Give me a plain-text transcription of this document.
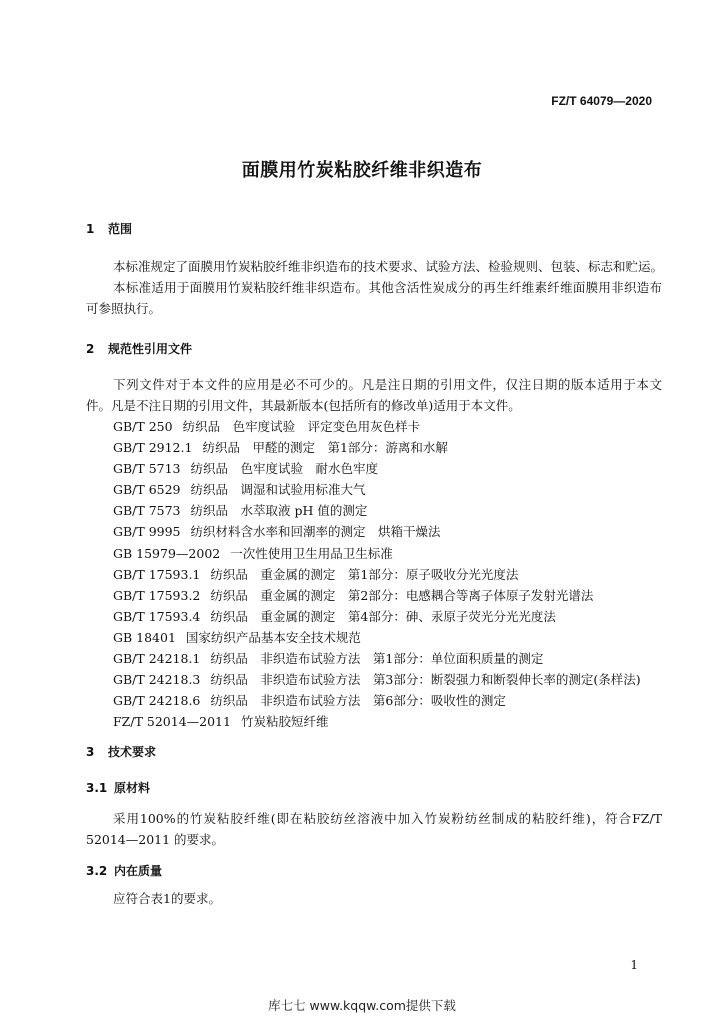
FZ/T 64079—2020
面膜用竹炭粘胶纤维非织造布
1 范围

本标准规定了面膜用竹炭粘胶纤维非织造布的技术要求、试验方法、检验规则、包装、标志和贮运。

本标准适用于面膜用竹炭粘胶纤维非织造布。其他含活性炭成分的再生纤维素纤维面膜用非织造布可参照执行。

2 规范性引用文件

下列文件对于本文件的应用是必不可少的。凡是注日期的引用文件，仅注日期的版本适用于本文件。凡是不注日期的引用文件，其最新版本(包括所有的修改单)适用于本文件。

GB/T 250 纺织品　色牢度试验　评定变色用灰色样卡
GB/T 2912.1 纺织品　甲醛的测定　第1部分：游离和水解
GB/T 5713 纺织品　色牢度试验　耐水色牢度
GB/T 6529 纺织品　调湿和试验用标准大气
GB/T 7573 纺织品　水萃取液 pH 值的测定
GB/T 9995 纺织材料含水率和回潮率的测定　烘箱干燥法
GB 15979—2002 一次性使用卫生用品卫生标准
GB/T 17593.1 纺织品　重金属的测定　第1部分：原子吸收分光光度法
GB/T 17593.2 纺织品　重金属的测定　第2部分：电感耦合等离子体原子发射光谱法
GB/T 17593.4 纺织品　重金属的测定　第4部分：砷、汞原子荧光分光光度法
GB 18401 国家纺织产品基本安全技术规范
GB/T 24218.1 纺织品　非织造布试验方法　第1部分：单位面积质量的测定
GB/T 24218.3 纺织品　非织造布试验方法　第3部分：断裂强力和断裂伸长率的测定(条样法)
GB/T 24218.6 纺织品　非织造布试验方法　第6部分：吸收性的测定
FZ/T 52014—2011 竹炭粘胶短纤维
3 技术要求
3.1 原材料

采用100%的竹炭粘胶纤维(即在粘胶纺丝溶液中加入竹炭粉纺丝制成的粘胶纤维)，符合FZ/T 52014—2011 的要求。

3.2 内在质量

应符合表1的要求。

1
库七七 www.kqqw.com提供下载
